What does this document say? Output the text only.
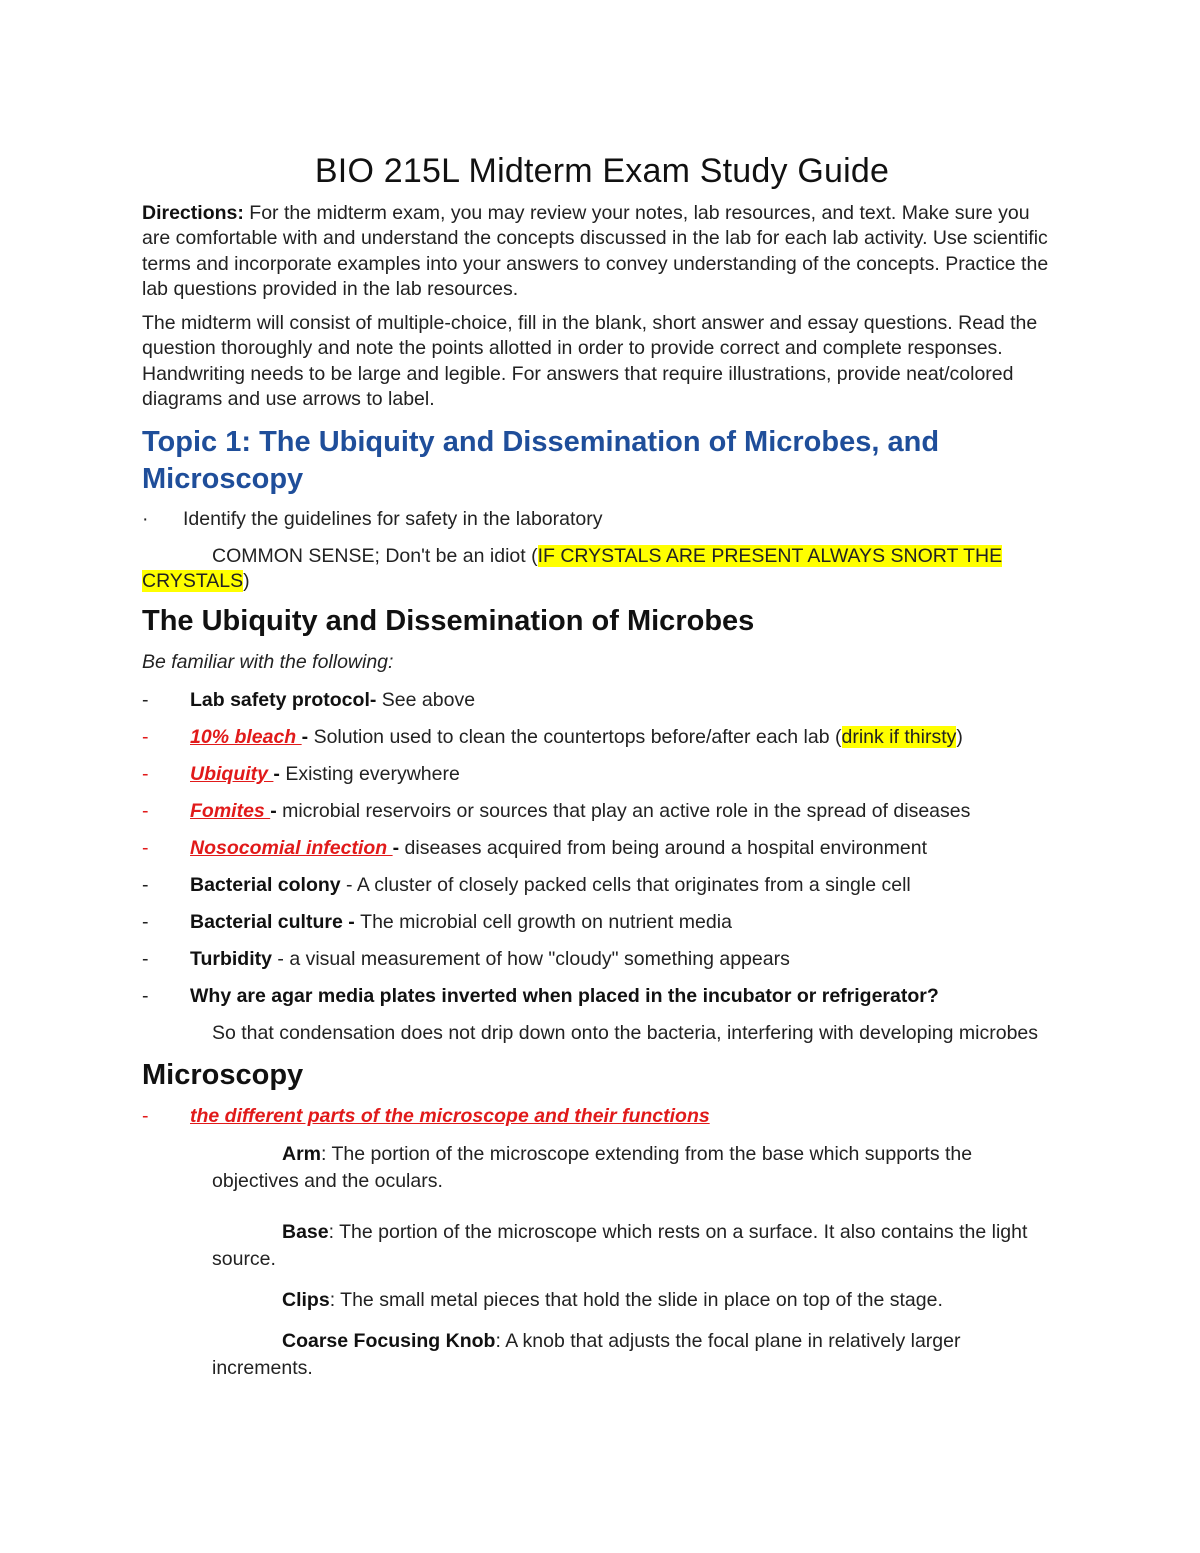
BIO 215L Midterm Exam Study Guide

Directions: For the midterm exam, you may review your notes, lab resources, and text. Make sure you are comfortable with and understand the concepts discussed in the lab for each lab activity. Use scientific terms and incorporate examples into your answers to convey understanding of the concepts. Practice the lab questions provided in the lab resources.

The midterm will consist of multiple-choice, fill in the blank, short answer and essay questions. Read the question thoroughly and note the points allotted in order to provide correct and complete responses. Handwriting needs to be large and legible. For answers that require illustrations, provide neat/colored diagrams and use arrows to label.

Topic 1: The Ubiquity and Dissemination of Microbes, and Microscopy
· Identify the guidelines for safety in the laboratory

COMMON SENSE; Don't be an idiot (IF CRYSTALS ARE PRESENT ALWAYS SNORT THE CRYSTALS)

The Ubiquity and Dissemination of Microbes

Be familiar with the following:

- Lab safety protocol- See above
- 10% bleach - Solution used to clean the countertops before/after each lab (drink if thirsty)
- Ubiquity - Existing everywhere
- Fomites - microbial reservoirs or sources that play an active role in the spread of diseases
- Nosocomial infection - diseases acquired from being around a hospital environment
- Bacterial colony - A cluster of closely packed cells that originates from a single cell
- Bacterial culture - The microbial cell growth on nutrient media
- Turbidity - a visual measurement of how "cloudy" something appears
- Why are agar media plates inverted when placed in the incubator or refrigerator?

So that condensation does not drip down onto the bacteria, interfering with developing microbes

Microscopy
- the different parts of the microscope and their functions

Arm: The portion of the microscope extending from the base which supports the objectives and the oculars.

Base: The portion of the microscope which rests on a surface. It also contains the light source.

Clips: The small metal pieces that hold the slide in place on top of the stage.

Coarse Focusing Knob: A knob that adjusts the focal plane in relatively larger increments.
